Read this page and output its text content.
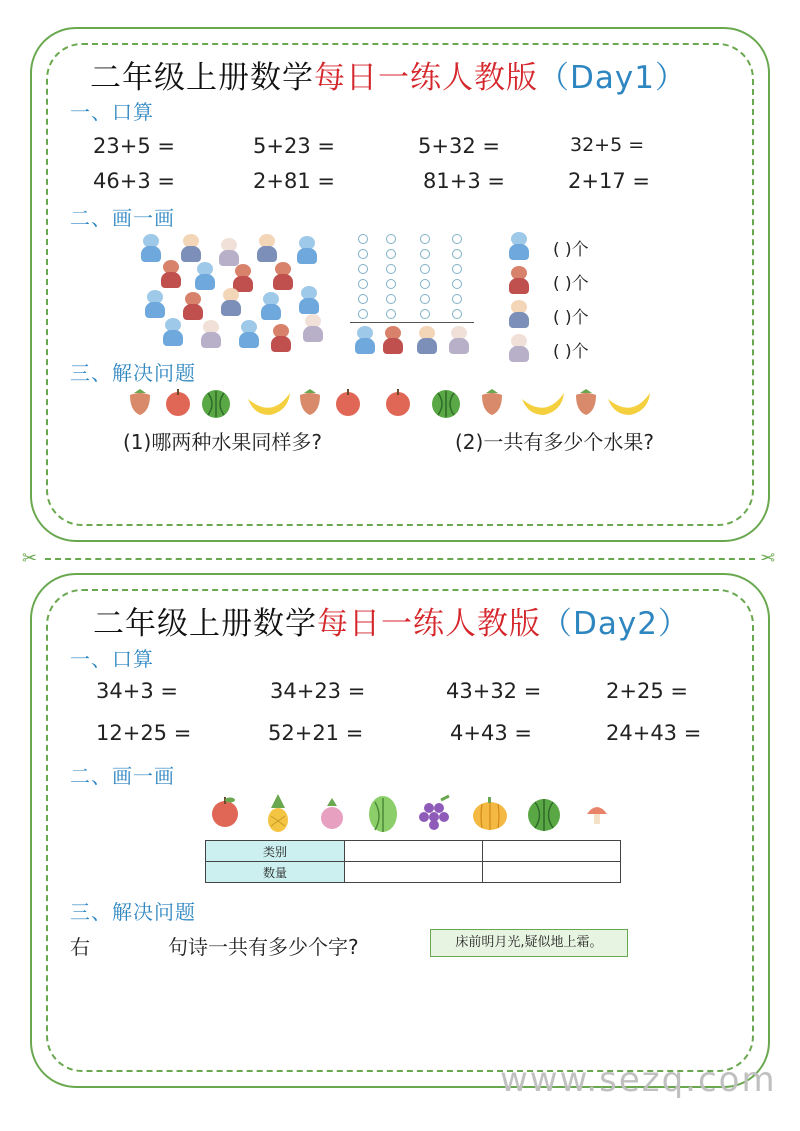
二年级上册数学每日一练人教版（Day1）
一、口算
23+5 =	5+23 =	5+32 =	32+5 =
46+3 =	2+81 =	81+3 =	2+17 =
二、画一画
( )个
( )个
( )个
( )个
三、解决问题
(1)哪两种水果同样多?	(2)一共有多少个水果?
✂	✂
二年级上册数学每日一练人教版（Day2）
一、口算
34+3 =	34+23 =	43+32 =	2+25 =
12+25 =	52+21 =	4+43 =	24+43 =
二、画一画
类别		
数量		
三、解决问题
右	句诗一共有多少个字?	床前明月光,疑似地上霜。
www.sezq.com
